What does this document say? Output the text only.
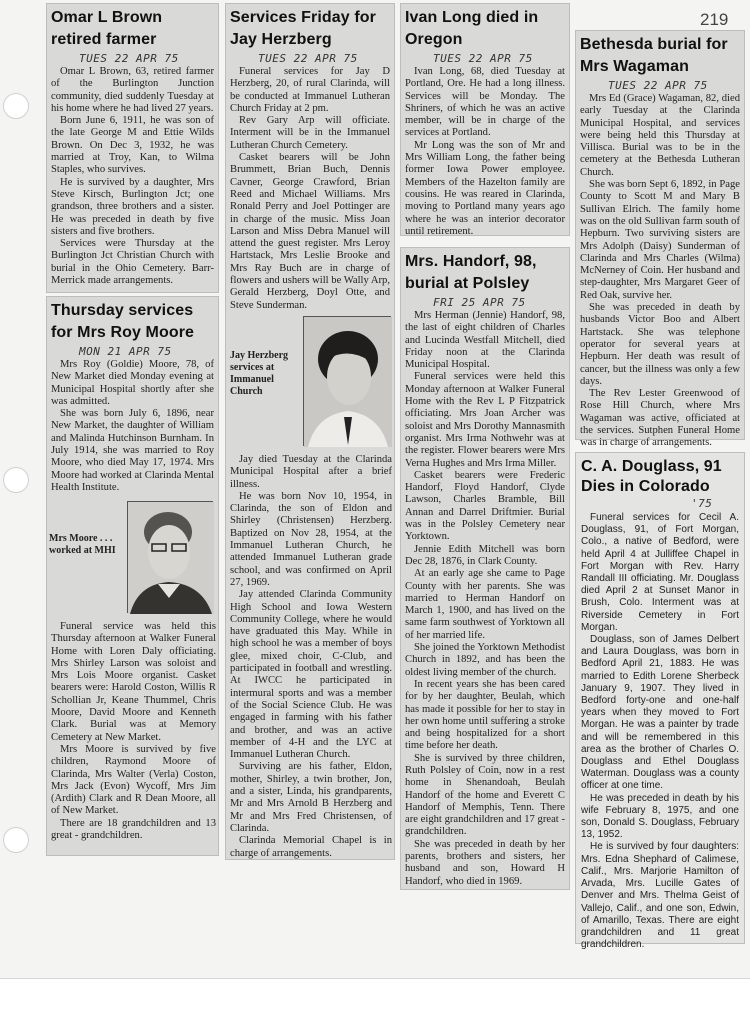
219
Omar L Brown retired farmer
TUES 22 APR 75

Omar L Brown, 63, retired farmer of the Burlington Junction community, died suddenly Tuesday at his home where he had lived 27 years.

Born June 6, 1911, he was son of the late George M and Ettie Wilds Brown. On Dec 3, 1932, he was married at Troy, Kan, to Wilma Staples, who survives.

He is survived by a daughter, Mrs Steve Kirsch, Burlington Jct; one grandson, three brothers and a sister. He was preceded in death by five sisters and five brothers.

Services were Thursday at the Burlington Jct Christian Church with burial in the Ohio Cemetery. Barr-Merrick made arrangements.

Thursday services for Mrs Roy Moore
MON 21 APR 75

Mrs Roy (Goldie) Moore, 78, of New Market died Monday evening at Municipal Hospital shortly after she was admitted.

She was born July 6, 1896, near New Market, the daughter of William and Malinda Hutchinson Burnham. In July 1914, she was married to Roy Moore, who died May 17, 1974. Mrs Moore had worked at Clarinda Mental Health Institute.

Mrs Moore . . . worked at MHI

Funeral service was held this Thursday afternoon at Walker Funeral Home with Loren Daly officiating. Mrs Shirley Larson was soloist and Mrs Lois Moore organist. Casket bearers were: Harold Coston, Willis R Schollian Jr, Keane Thummel, Chris Moore, David Moore and Kenneth Clark. Burial was at Memory Cemetery at New Market.

Mrs Moore is survived by five children, Raymond Moore of Clarinda, Mrs Walter (Verla) Coston, Mrs Jack (Evon) Wycoff, Mrs Jim (Ardith) Clark and R Dean Moore, all of New Market.

There are 18 grandchildren and 13 great - grandchildren.

Services Friday for Jay Herzberg
TUES 22 APR 75

Funeral services for Jay D Herzberg, 20, of rural Clarinda, will be conducted at Immanuel Lutheran Church Friday at 2 pm.

Rev Gary Arp will officiate. Interment will be in the Immanuel Lutheran Church Cemetery.

Casket bearers will be John Brummett, Brian Buch, Dennis Cavner, George Crawford, Brian Reed and Michael Williams. Mrs Ronald Perry and Joel Pottinger are in charge of the music. Miss Joan Larson and Miss Debra Manuel will attend the guest register. Mrs Leroy Hartstack, Mrs Leslie Brooke and Mrs Ray Buch are in charge of flowers and ushers will be Wally Arp, Gerald Herzberg, Doyl Otte, and Steve Sunderman.

Jay Herzberg services at Immanuel Church

Jay died Tuesday at the Clarinda Municipal Hospital after a brief illness.

He was born Nov 10, 1954, in Clarinda, the son of Eldon and Shirley (Christensen) Herzberg. Baptized on Nov 28, 1954, at the Immanuel Lutheran Church, he attended Immanuel Lutheran grade school, and was confirmed on April 27, 1969.

Jay attended Clarinda Community High School and Iowa Western Community College, where he would have graduated this May. While in high school he was a member of boys glee, mixed choir, C-Club, and participated in football and wrestling. At IWCC he participated in intermural sports and was a member of the Social Science Club. He was engaged in farming with his father and brother, and was an active member of 4-H and the LYC at Immanuel Lutheran Church.

Surviving are his father, Eldon, mother, Shirley, a twin brother, Jon, and a sister, Linda, his grandparents, Mr and Mrs Arnold B Herzberg and Mr and Mrs Fred Christensen, of Clarinda.

Clarinda Memorial Chapel is in charge of arrangements.

Ivan Long died in Oregon
TUES 22 APR 75

Ivan Long, 68, died Tuesday at Portland, Ore. He had a long illness. Services will be Monday. The Shriners, of which he was an active member, will be in charge of the services at Portland.

Mr Long was the son of Mr and Mrs William Long, the father being former Iowa Power employee. Members of the Hazelton family are cousins. He was reared in Clarinda, moving to Portland many years ago where he was an interior decorator until retirement.

Mrs. Handorf, 98, burial at Polsley
FRI 25 APR 75

Mrs Herman (Jennie) Handorf, 98, the last of eight children of Charles and Lucinda Westfall Mitchell, died Friday noon at the Clarinda Municipal Hospital.

Funeral services were held this Monday afternoon at Walker Funeral Home with the Rev L P Fitzpatrick officiating. Mrs Joan Archer was soloist and Mrs Dorothy Mannasmith organist. Mrs Irma Nothwehr was at the register. Flower bearers were Mrs Verna Hughes and Mrs Irma Miller.

Casket bearers were Frederic Handorf, Floyd Handorf, Clyde Lawson, Charles Bramble, Bill Annan and Darrel Driftmier. Burial was in the Polsley Cemetery near Yorktown.

Jennie Edith Mitchell was born Dec 28, 1876, in Clark County.

At an early age she came to Page County with her parents. She was married to Herman Handorf on March 1, 1900, and has lived on the same farm southwest of Yorktown all of her married life.

She joined the Yorktown Methodist Church in 1892, and has been the oldest living member of the church.

In recent years she has been cared for by her daughter, Beulah, which has made it possible for her to stay in her own home until suffering a stroke and being hospitalized for a short time before her death.

She is survived by three children, Ruth Polsley of Coin, now in a rest home in Shenandoah, Beulah Handorf of the home and Everett C Handorf of Memphis, Tenn. There are eight grandchildren and 17 great - grandchildren.

She was preceded in death by her parents, brothers and sisters, her husband and son, Howard H Handorf, who died in 1969.

Bethesda burial for Mrs Wagaman
TUES 22 APR 75

Mrs Ed (Grace) Wagaman, 82, died early Tuesday at the Clarinda Municipal Hospital, and services were being held this Thursday at Villisca. Burial was to be in the cemetery at the Bethesda Lutheran Church.

She was born Sept 6, 1892, in Page County to Scott M and Mary B Sullivan Elrich. The family home was on the old Sullivan farm south of Hepburn. Two surviving sisters are Mrs Adolph (Daisy) Sunderman of Clarinda and Mrs Charles (Wilma) McNerney of Coin. Her husband and step-daughter, Mrs Margaret Geer of Red Oak, survive her.

She was preceded in death by husbands Victor Boo and Albert Hartstack. She was telephone operator for several years at Hepburn. Her death was result of cancer, but the illness was only a few days.

The Rev Lester Greenwood of Rose Hill Church, where Mrs Wagaman was active, officiated at the services. Sutphen Funeral Home was in charge of arrangements.

C. A. Douglass, 91 Dies in Colorado
'75

Funeral services for Cecil A. Douglass, 91, of Fort Morgan, Colo., a native of Bedford, were held April 4 at Julliffee Chapel in Fort Morgan with Rev. Harry Randall III officiating. Mr. Douglass died April 2 at Sunset Manor in Brush, Colo. Interment was at Riverside Cemetery in Fort Morgan.

Douglass, son of James Delbert and Laura Douglass, was born in Bedford April 21, 1883. He was married to Edith Lorene Sherbeck January 9, 1907. They lived in Bedford forty-one and one-half years when they moved to Fort Morgan. He was a painter by trade and will be remembered in this area as the brother of Charles O. Douglass and Ethel Douglass Waterman. Douglass was a county officer at one time.

He was preceded in death by his wife February 8, 1975, and one son, Donald S. Douglass, February 13, 1952.

He is survived by four daughters: Mrs. Edna Shephard of Calimese, Calif., Mrs. Marjorie Hamilton of Arvada, Mrs. Lucille Gates of Denver and Mrs. Thelma Geist of Vallejo, Calif., and one son, Edwin, of Amarillo, Texas. There are eight grandchildren and 11 great grandchildren.
